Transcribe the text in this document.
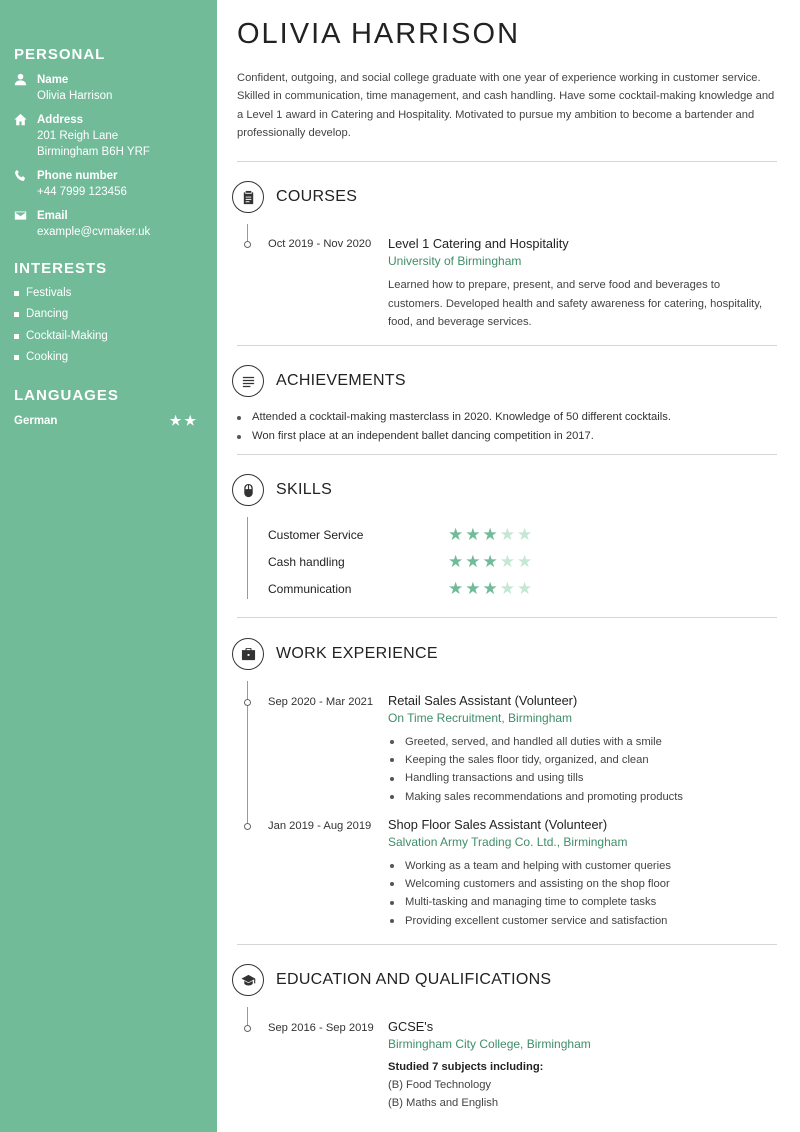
PERSONAL
Name
Olivia Harrison
Address
201 Reigh Lane
Birmingham B6H YRF
Phone number
+44 7999 123456
Email
example@cvmaker.uk
INTERESTS
Festivals
Dancing
Cocktail-Making
Cooking
LANGUAGES
German	★★
OLIVIA HARRISON

Confident, outgoing, and social college graduate with one year of experience working in customer service. Skilled in communication, time management, and cash handling. Have some cocktail-making knowledge and a Level 1 award in Catering and Hospitality. Motivated to pursue my ambition to become a bartender and professionally develop.

COURSES
Oct 2019 - Nov 2020 Level 1 Catering and Hospitality
University of Birmingham

Learned how to prepare, present, and serve food and beverages to customers. Developed health and safety awareness for catering, hospitality, food, and beverage services.

ACHIEVEMENTS
Attended a cocktail-making masterclass in 2020. Knowledge of 50 different cocktails.
Won first place at an independent ballet dancing competition in 2017.
SKILLS
Customer Service	★★★★★
Cash handling	★★★★★
Communication	★★★★★
WORK EXPERIENCE
Sep 2020 - Mar 2021 Retail Sales Assistant (Volunteer)
On Time Recruitment, Birmingham
Greeted, served, and handled all duties with a smile
Keeping the sales floor tidy, organized, and clean
Handling transactions and using tills
Making sales recommendations and promoting products
Jan 2019 - Aug 2019 Shop Floor Sales Assistant (Volunteer)
Salvation Army Trading Co. Ltd., Birmingham
Working as a team and helping with customer queries
Welcoming customers and assisting on the shop floor
Multi-tasking and managing time to complete tasks
Providing excellent customer service and satisfaction
EDUCATION AND QUALIFICATIONS
Sep 2016 - Sep 2019 GCSE's
Birmingham City College, Birmingham
Studied 7 subjects including:
(B) Food Technology
(B) Maths and English
